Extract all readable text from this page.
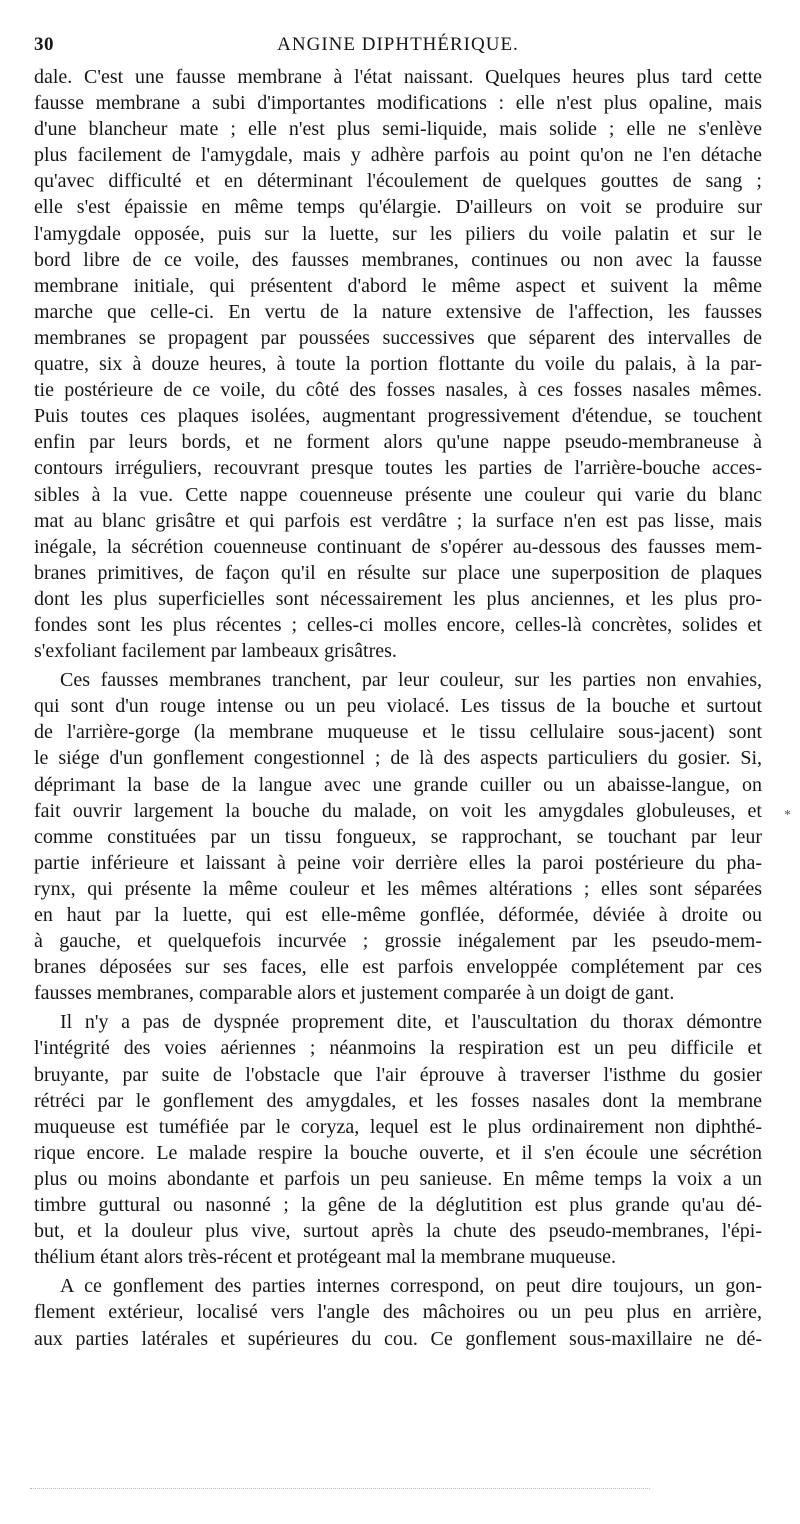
30	ANGINE DIPHTHÉRIQUE.

dale. C'est une fausse membrane à l'état naissant. Quelques heures plus tard cette

fausse membrane a subi d'importantes modifications : elle n'est plus opaline, mais

d'une blancheur mate ; elle n'est plus semi-liquide, mais solide ; elle ne s'enlève

plus facilement de l'amygdale, mais y adhère parfois au point qu'on ne l'en détache

qu'avec difficulté et en déterminant l'écoulement de quelques gouttes de sang ;

elle s'est épaissie en même temps qu'élargie. D'ailleurs on voit se produire sur

l'amygdale opposée, puis sur la luette, sur les piliers du voile palatin et sur le

bord libre de ce voile, des fausses membranes, continues ou non avec la fausse

membrane initiale, qui présentent d'abord le même aspect et suivent la même

marche que celle-ci. En vertu de la nature extensive de l'affection, les fausses

membranes se propagent par poussées successives que séparent des intervalles de

quatre, six à douze heures, à toute la portion flottante du voile du palais, à la par-

tie postérieure de ce voile, du côté des fosses nasales, à ces fosses nasales mêmes.

Puis toutes ces plaques isolées, augmentant progressivement d'étendue, se touchent

enfin par leurs bords, et ne forment alors qu'une nappe pseudo-membraneuse à

contours irréguliers, recouvrant presque toutes les parties de l'arrière-bouche acces-

sibles à la vue. Cette nappe couenneuse présente une couleur qui varie du blanc

mat au blanc grisâtre et qui parfois est verdâtre ; la surface n'en est pas lisse, mais

inégale, la sécrétion couenneuse continuant de s'opérer au-dessous des fausses mem-

branes primitives, de façon qu'il en résulte sur place une superposition de plaques

dont les plus superficielles sont nécessairement les plus anciennes, et les plus pro-

fondes sont les plus récentes ; celles-ci molles encore, celles-là concrètes, solides et

s'exfoliant facilement par lambeaux grisâtres.

Ces fausses membranes tranchent, par leur couleur, sur les parties non envahies,

qui sont d'un rouge intense ou un peu violacé. Les tissus de la bouche et surtout

de l'arrière-gorge (la membrane muqueuse et le tissu cellulaire sous-jacent) sont

le siége d'un gonflement congestionnel ; de là des aspects particuliers du gosier. Si,

déprimant la base de la langue avec une grande cuiller ou un abaisse-langue, on

fait ouvrir largement la bouche du malade, on voit les amygdales globuleuses, et

comme constituées par un tissu fongueux, se rapprochant, se touchant par leur

partie inférieure et laissant à peine voir derrière elles la paroi postérieure du pha-

rynx, qui présente la même couleur et les mêmes altérations ; elles sont séparées

en haut par la luette, qui est elle-même gonflée, déformée, déviée à droite ou

à gauche, et quelquefois incurvée ; grossie inégalement par les pseudo-mem-

branes déposées sur ses faces, elle est parfois enveloppée complétement par ces

fausses membranes, comparable alors et justement comparée à un doigt de gant.

Il n'y a pas de dyspnée proprement dite, et l'auscultation du thorax démontre

l'intégrité des voies aériennes ; néanmoins la respiration est un peu difficile et

bruyante, par suite de l'obstacle que l'air éprouve à traverser l'isthme du gosier

rétréci par le gonflement des amygdales, et les fosses nasales dont la membrane

muqueuse est tuméfiée par le coryza, lequel est le plus ordinairement non diphthé-

rique encore. Le malade respire la bouche ouverte, et il s'en écoule une sécrétion

plus ou moins abondante et parfois un peu sanieuse. En même temps la voix a un

timbre guttural ou nasonné ; la gêne de la déglutition est plus grande qu'au dé-

but, et la douleur plus vive, surtout après la chute des pseudo-membranes, l'épi-

thélium étant alors très-récent et protégeant mal la membrane muqueuse.

A ce gonflement des parties internes correspond, on peut dire toujours, un gon-

flement extérieur, localisé vers l'angle des mâchoires ou un peu plus en arrière,

aux parties latérales et supérieures du cou. Ce gonflement sous-maxillaire ne dé-

*
